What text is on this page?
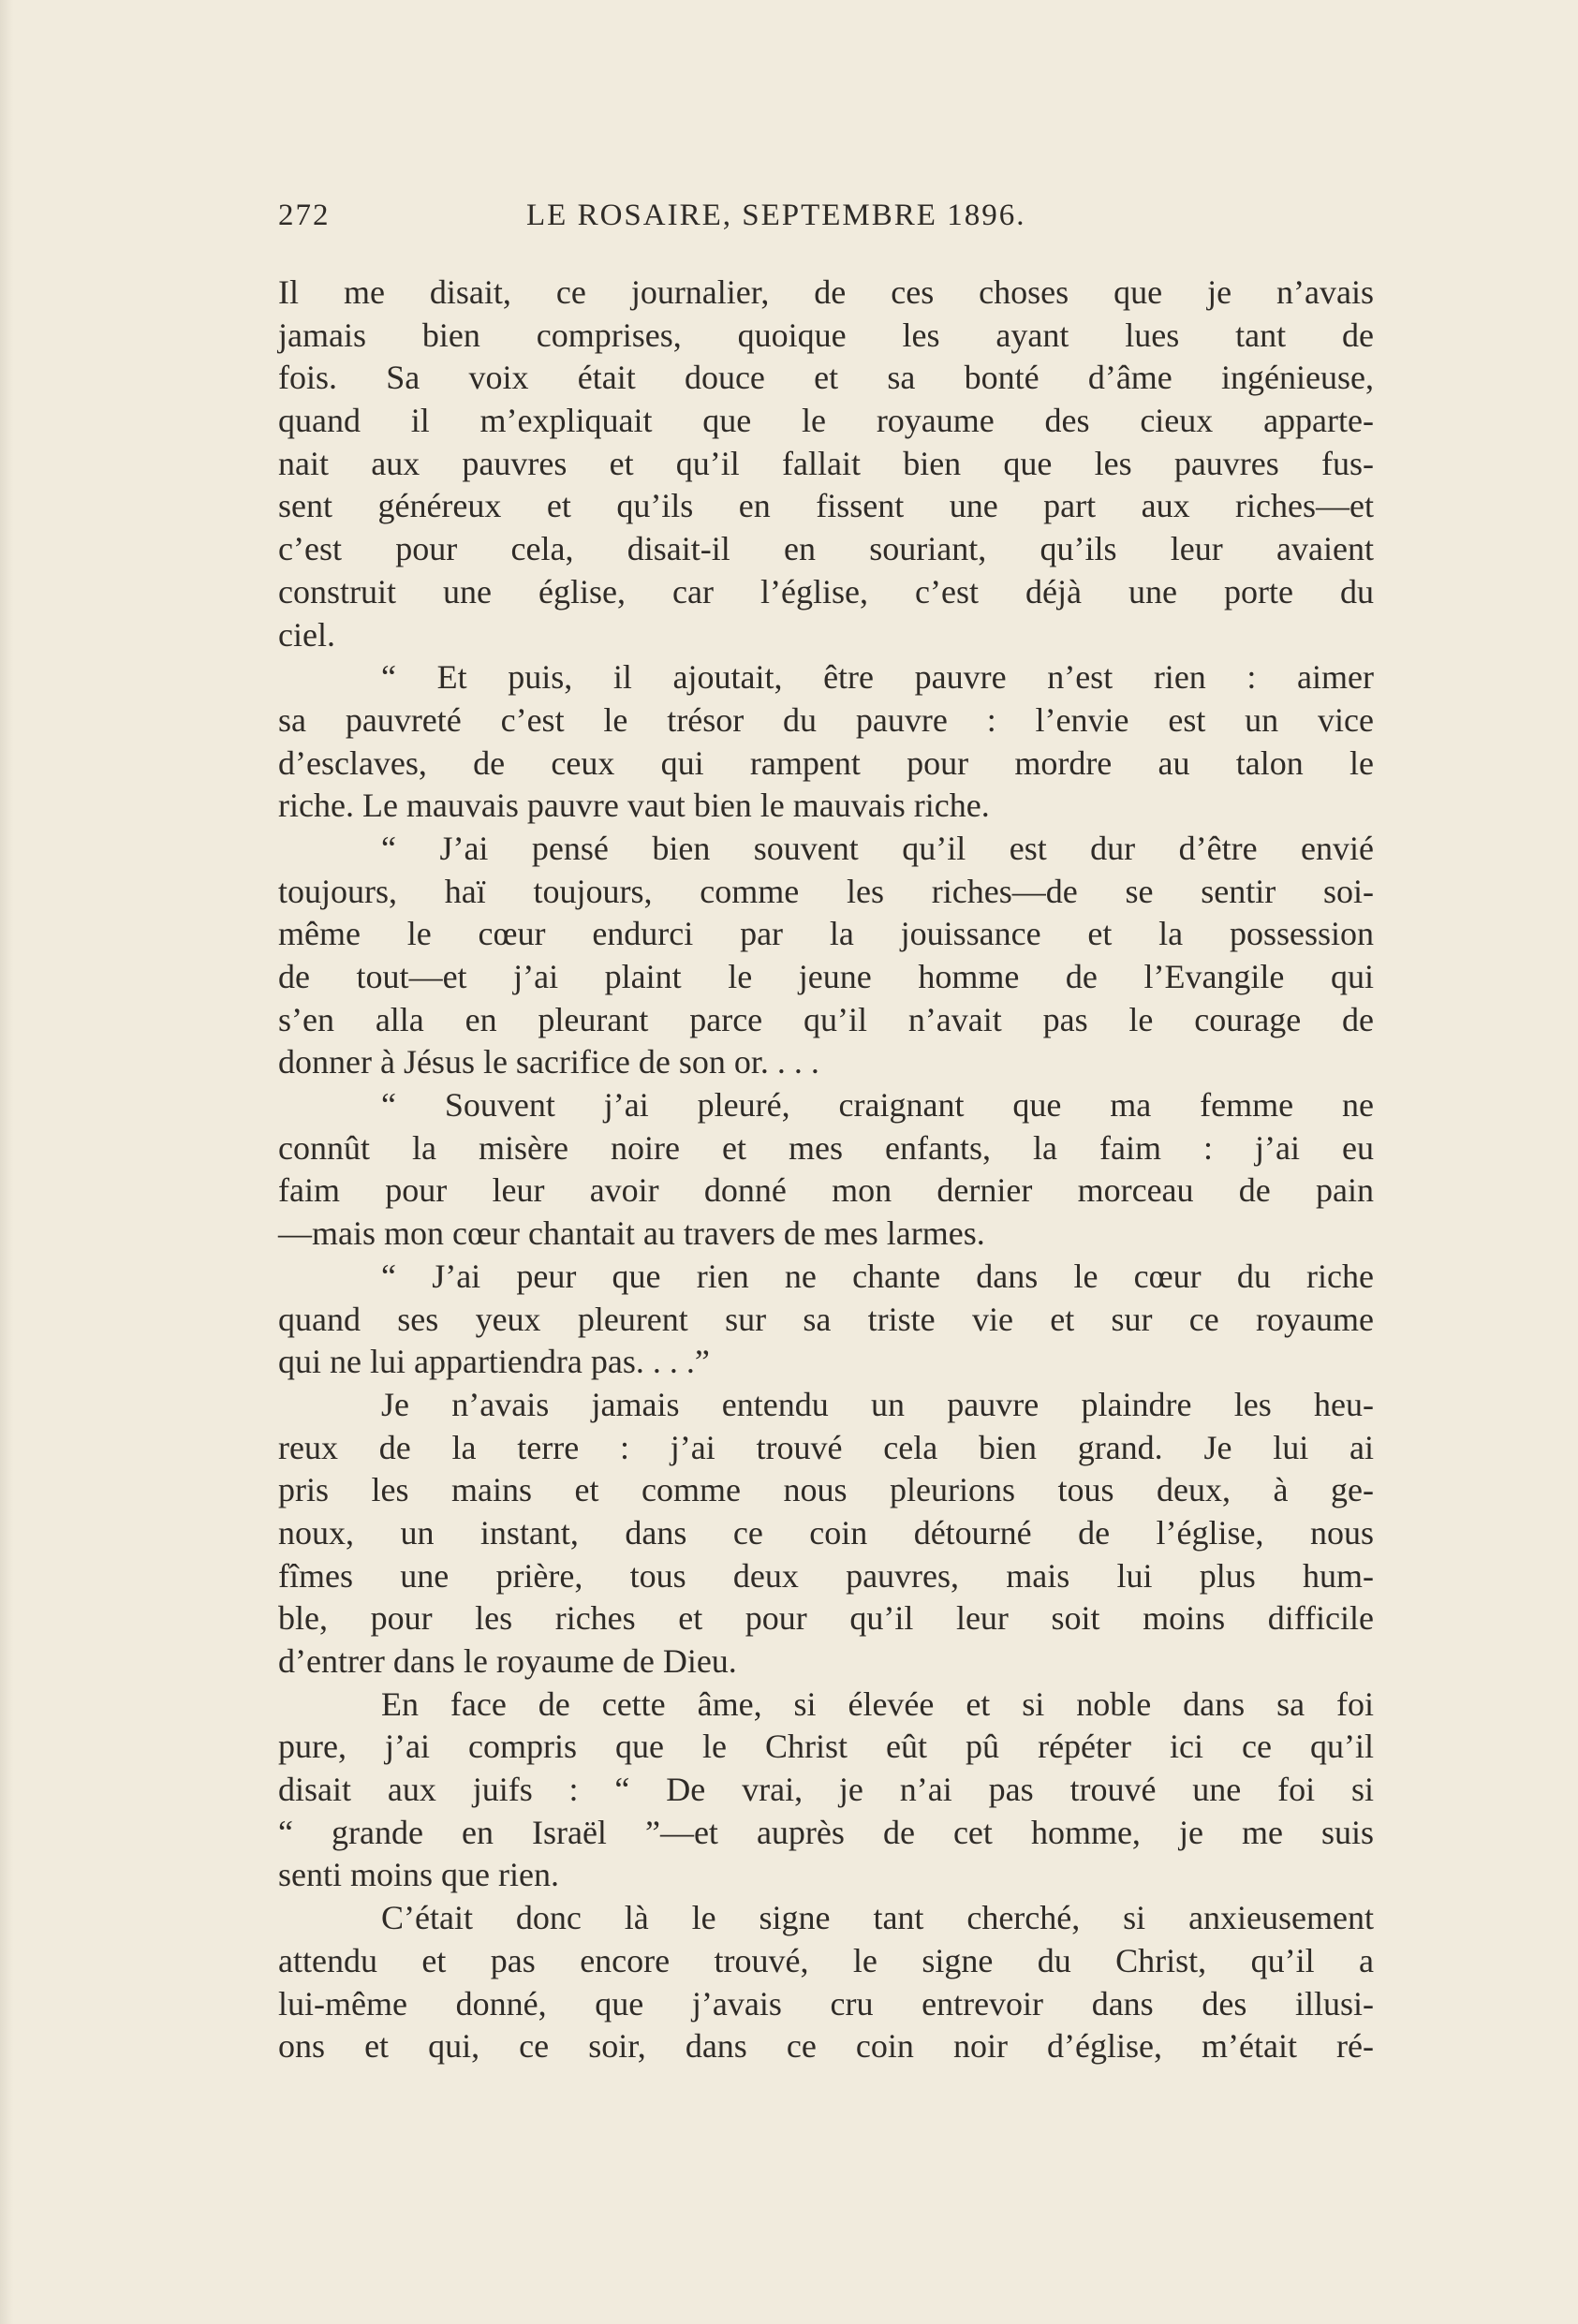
272	LE ROSAIRE, SEPTEMBRE 1896.
Il me disait, ce journalier, de ces choses que je n’avais
jamais bien comprises, quoique les ayant lues tant de
fois. Sa voix était douce et sa bonté d’âme ingénieuse,
quand il m’expliquait que le royaume des cieux apparte-
nait aux pauvres et qu’il fallait bien que les pauvres fus-
sent généreux et qu’ils en fissent une part aux riches—et
c’est pour cela, disait-il en souriant, qu’ils leur avaient
construit une église, car l’église, c’est déjà une porte du
ciel.
“ Et puis, il ajoutait, être pauvre n’est rien : aimer
sa pauvreté c’est le trésor du pauvre : l’envie est un vice
d’esclaves, de ceux qui rampent pour mordre au talon le
riche. Le mauvais pauvre vaut bien le mauvais riche.
“ J’ai pensé bien souvent qu’il est dur d’être envié
toujours, haï toujours, comme les riches—de se sentir soi-
même le cœur endurci par la jouissance et la possession
de tout—et j’ai plaint le jeune homme de l’Evangile qui
s’en alla en pleurant parce qu’il n’avait pas le courage de
donner à Jésus le sacrifice de son or. . . .
“ Souvent j’ai pleuré, craignant que ma femme ne
connût la misère noire et mes enfants, la faim : j’ai eu
faim pour leur avoir donné mon dernier morceau de pain
—mais mon cœur chantait au travers de mes larmes.
“ J’ai peur que rien ne chante dans le cœur du riche
quand ses yeux pleurent sur sa triste vie et sur ce royaume
qui ne lui appartiendra pas. . . .”
Je n’avais jamais entendu un pauvre plaindre les heu-
reux de la terre : j’ai trouvé cela bien grand. Je lui ai
pris les mains et comme nous pleurions tous deux, à ge-
noux, un instant, dans ce coin détourné de l’église, nous
fîmes une prière, tous deux pauvres, mais lui plus hum-
ble, pour les riches et pour qu’il leur soit moins difficile
d’entrer dans le royaume de Dieu.
En face de cette âme, si élevée et si noble dans sa foi
pure, j’ai compris que le Christ eût pû répéter ici ce qu’il
disait aux juifs : “ De vrai, je n’ai pas trouvé une foi si
“ grande en Israël ”—et auprès de cet homme, je me suis
senti moins que rien.
C’était donc là le signe tant cherché, si anxieusement
attendu et pas encore trouvé, le signe du Christ, qu’il a
lui-même donné, que j’avais cru entrevoir dans des illusi-
ons et qui, ce soir, dans ce coin noir d’église, m’était ré-
